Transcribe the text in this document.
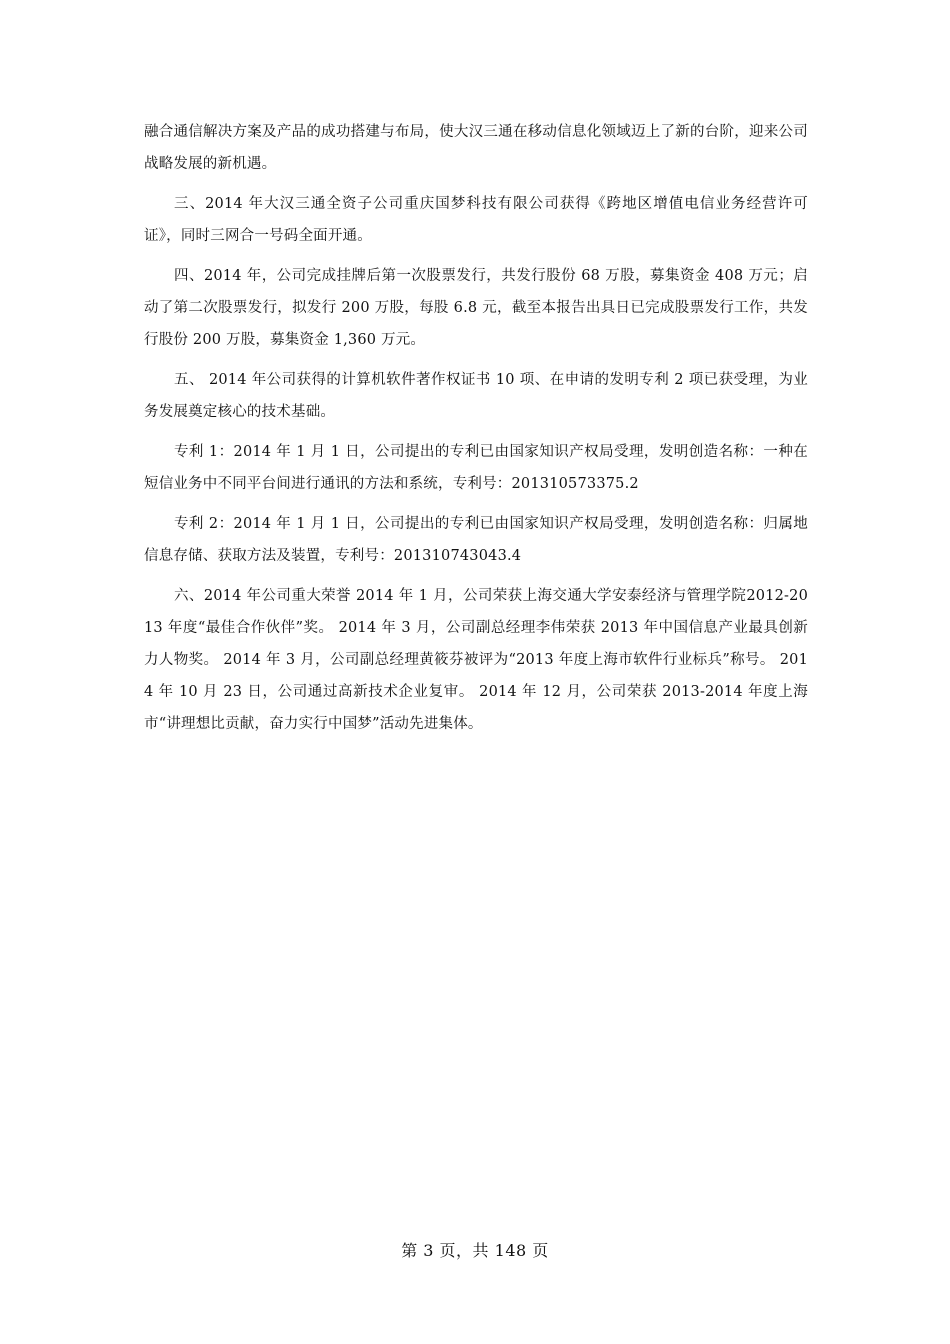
融合通信解决方案及产品的成功搭建与布局，使大汉三通在移动信息化领域迈上了新的台阶，迎来公司战略发展的新机遇。

三、2014 年大汉三通全资子公司重庆国梦科技有限公司获得《跨地区增值电信业务经营许可证》，同时三网合一号码全面开通。

四、2014 年，公司完成挂牌后第一次股票发行，共发行股份 68 万股，募集资金 408 万元；启动了第二次股票发行，拟发行 200 万股，每股 6.8 元，截至本报告出具日已完成股票发行工作，共发行股份 200 万股，募集资金 1,360 万元。

五、 2014 年公司获得的计算机软件著作权证书 10 项、在申请的发明专利 2 项已获受理，为业务发展奠定核心的技术基础。

专利 1：2014 年 1 月 1 日，公司提出的专利已由国家知识产权局受理，发明创造名称：一种在短信业务中不同平台间进行通讯的方法和系统，专利号：201310573375.2

专利 2：2014 年 1 月 1 日，公司提出的专利已由国家知识产权局受理，发明创造名称：归属地信息存储、获取方法及装置，专利号：201310743043.4

六、2014 年公司重大荣誉 2014 年 1 月，公司荣获上海交通大学安泰经济与管理学院2012-2013 年度“最佳合作伙伴”奖。 2014 年 3 月，公司副总经理李伟荣获 2013 年中国信息产业最具创新力人物奖。 2014 年 3 月，公司副总经理黄筱芬被评为“2013 年度上海市软件行业标兵”称号。 2014 年 10 月 23 日，公司通过高新技术企业复审。 2014 年 12 月，公司荣获 2013-2014 年度上海市“讲理想比贡献，奋力实行中国梦”活动先进集体。

第 3 页，共 148 页
